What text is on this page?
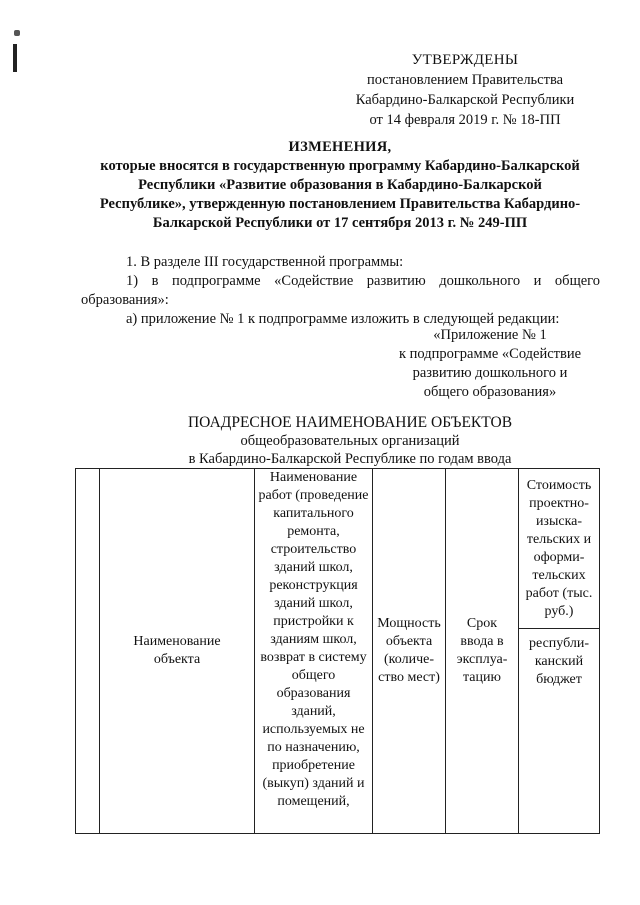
УТВЕРЖДЕНЫ
постановлением Правительства
Кабардино-Балкарской Республики
от 14 февраля 2019 г. № 18-ПП
ИЗМЕНЕНИЯ,
которые вносятся в государственную программу Кабардино-Балкарской
Республики «Развитие образования в Кабардино-Балкарской
Республике», утвержденную постановлением Правительства Кабардино-
Балкарской Республики от 17 сентября 2013 г. № 249-ПП
1. В разделе III государственной программы:
1) в подпрограмме «Содействие развитию дошкольного и общего
образования»:
а) приложение № 1 к подпрограмме изложить в следующей редакции:
«Приложение № 1
к подпрограмме «Содействие
развитию дошкольного и
общего образования»
ПОАДРЕСНОЕ НАИМЕНОВАНИЕ ОБЪЕКТОВ
общеобразовательных организаций
в Кабардино-Балкарской Республике по годам ввода
	Наименование объекта	Наименование работ (проведение капитального ремонта, строительство зданий школ, реконструкция зданий школ, пристройки к зданиям школ, возврат в систему общего образования зданий, используемых не по назначению, приобретение (выкуп) зданий и помещений,	Мощность объекта (количе-ство мест)	Срок ввода в эксплуа-тацию	Стоимость проектно-изыска-тельских и оформи-тельских работ (тыс. руб.)
республи-канский бюджет
